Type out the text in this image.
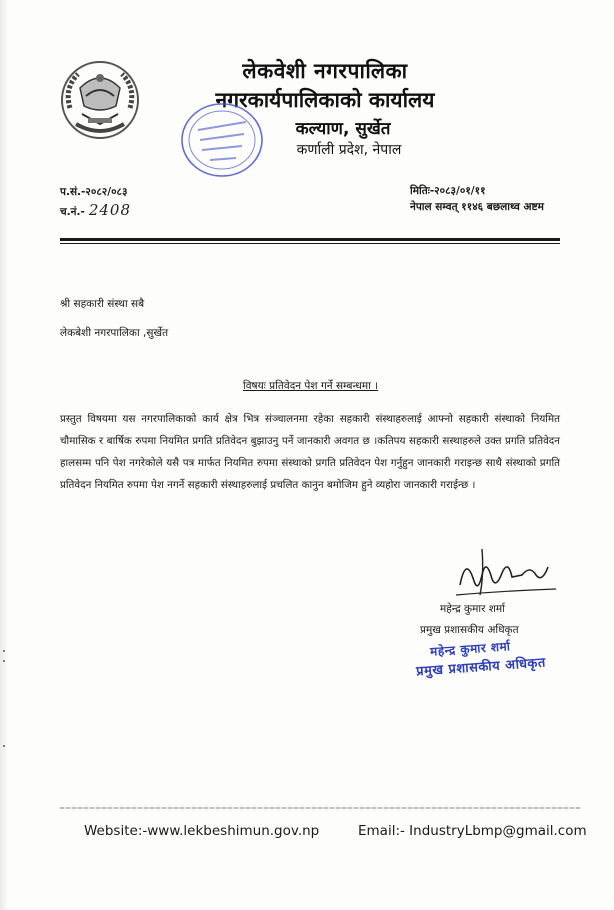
लेकवेशी नगरपालिका
नगरकार्यपालिकाको कार्यालय
कल्याण, सुर्खेत
कर्णाली प्रदेश, नेपाल
प.सं.-२०८२/०८३
च.नं.- 2408
मितिः-२०८३/०१/११
नेपाल सम्वत् ११४६ बछलाथ्व अष्टम
श्री सहकारी संस्था सबै
लेकबेशी नगरपालिका ,सुर्खेत
विषयः प्रतिवेदन पेश गर्ने सम्बन्धमा ।
प्रस्तुत विषयमा यस नगरपालिकाको कार्य क्षेत्र भित्र संञ्चालनमा रहेका सहकारी संस्थाहरुलाई आफ्नो सहकारी संस्थाको नियमित चौमासिक र बार्षिक रुपमा नियमित प्रगति प्रतिवेदन बुझाउनु पर्ने जानकारी अवगत छ ।कतिपय सहकारी सस्थाहरुले उक्त प्रगति प्रतिवेदन हालसम्म पनि पेश नगरेकोले यसै पत्र मार्फत नियमित रुपमा संस्थाको प्रगति प्रतिवेदन पेश गर्नुहुन जानकारी गराइन्छ साथै संस्थाको प्रगति प्रतिवेदन नियमित रुपमा पेश नगर्ने सहकारी संस्थाहरुलाई प्रचलित कानुन बमोजिम हुने व्यहोरा जानकारी गराईन्छ ।
महेन्द्र कुमार शर्मा
प्रमुख प्रशासकीय अधिकृत
महेन्द्र कुमार शर्मा
प्रमुख प्रशासकीय अधिकृत
Website:-www.lekbeshimun.gov.np	Email:- IndustryLbmp@gmail.com
